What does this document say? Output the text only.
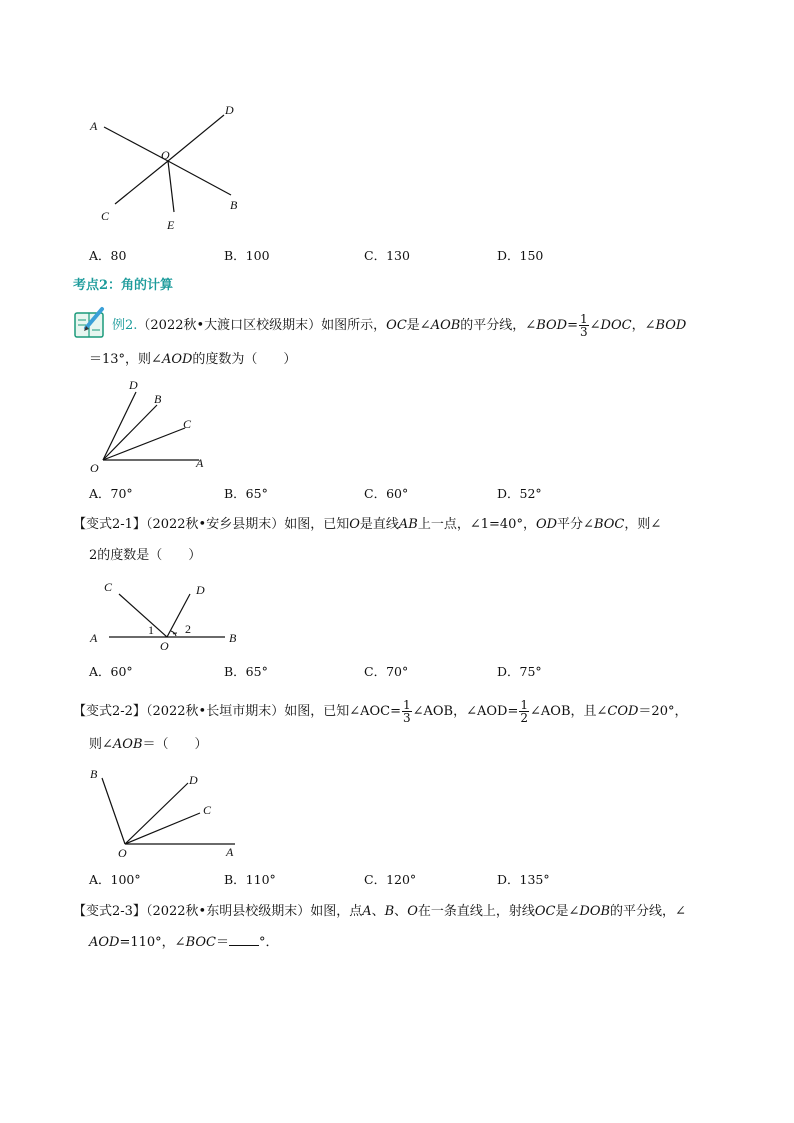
A
D
O
C
E
B
A．80	B．100	C．130	D．150
考点2：角的计算
例2.（2022秋•大渡口区校级期末）如图所示，OC是∠AOB的平分线，∠BOD= $\frac{1}{3}$ ∠DOC，∠BOD
＝13°，则∠AOD的度数为（　　）
D
B
C
O	A
A．70°	B．65°	C．60°	D．52°
【变式2-1】（2022秋•安乡县期末）如图，已知O是直线AB上一点，∠1=40°，OD平分∠BOC，则∠
2的度数是（　　）
C	D
A
1	2
B
O
A．60°	B．65°	C．70°	D．75°
【变式2-2】（2022秋•长垣市期末）如图，已知∠AOC= $\frac{1}{3}$ ∠AOB，∠AOD= $\frac{1}{2}$ ∠AOB，且∠COD＝20°，
则∠AOB＝（　　）
B	D
C
O	A
A．100°	B．110°	C．120°	D．135°
【变式2-3】（2022秋•东明县校级期末）如图，点A、B、O在一条直线上，射线OC是∠DOB的平分线，∠
AOD=110°，∠BOC＝ °．
